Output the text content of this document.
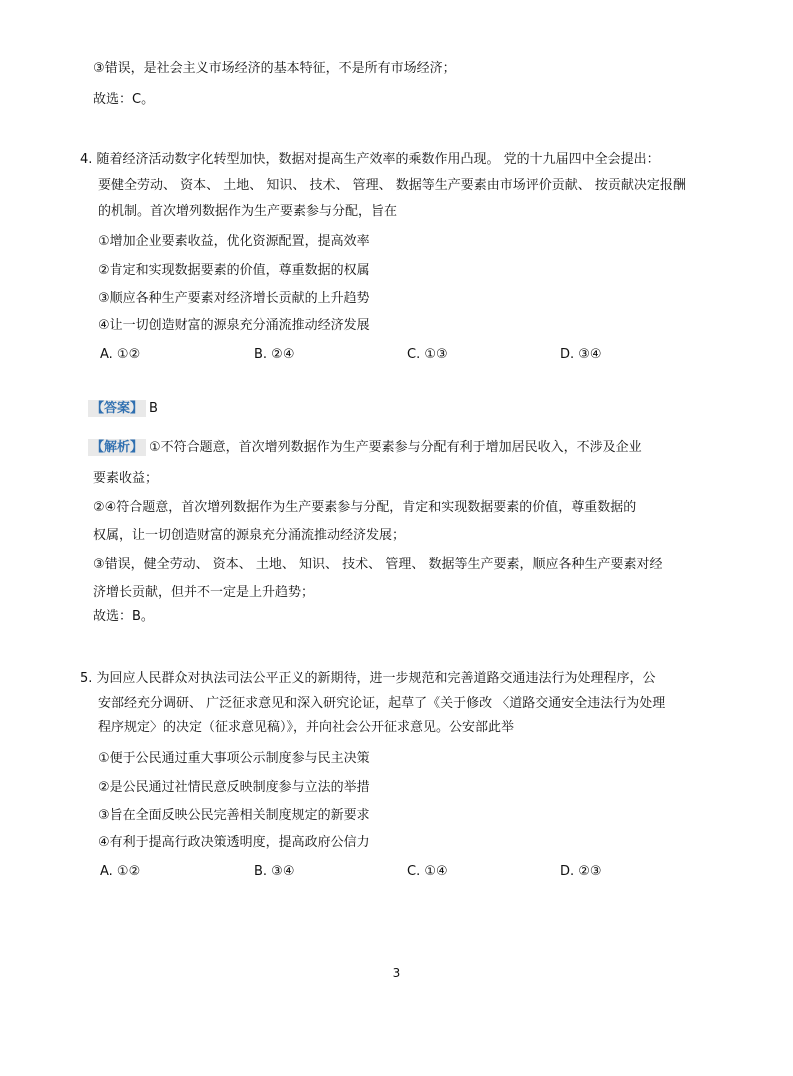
③错误，是社会主义市场经济的基本特征，不是所有市场经济；
故选：C。
4. 随着经济活动数字化转型加快，数据对提高生产效率的乘数作用凸现。 党的十九届四中全会提出：
要健全劳动、 资本、 土地、 知识、 技术、 管理、 数据等生产要素由市场评价贡献、 按贡献决定报酬
的机制。首次增列数据作为生产要素参与分配，旨在
①增加企业要素收益，优化资源配置，提高效率
②肯定和实现数据要素的价值，尊重数据的权属
③顺应各种生产要素对经济增长贡献的上升趋势
④让一切创造财富的源泉充分涌流推动经济发展
A. ①②	B. ②④	C. ①③	D. ③④
【答案】 B
【解析】 ①不符合题意，首次增列数据作为生产要素参与分配有利于增加居民收入，不涉及企业
要素收益；
②④符合题意，首次增列数据作为生产要素参与分配，肯定和实现数据要素的价值，尊重数据的
权属，让一切创造财富的源泉充分涌流推动经济发展；
③错误，健全劳动、 资本、 土地、 知识、 技术、 管理、 数据等生产要素，顺应各种生产要素对经
济增长贡献，但并不一定是上升趋势；
故选：B。
5. 为回应人民群众对执法司法公平正义的新期待，进一步规范和完善道路交通违法行为处理程序，公
安部经充分调研、 广泛征求意见和深入研究论证，起草了《关于修改 〈道路交通安全违法行为处理
程序规定〉的决定（征求意见稿）》，并向社会公开征求意见。公安部此举
①便于公民通过重大事项公示制度参与民主决策
②是公民通过社情民意反映制度参与立法的举措
③旨在全面反映公民完善相关制度规定的新要求
④有利于提高行政决策透明度，提高政府公信力
A. ①②	B. ③④	C. ①④	D. ②③
3
